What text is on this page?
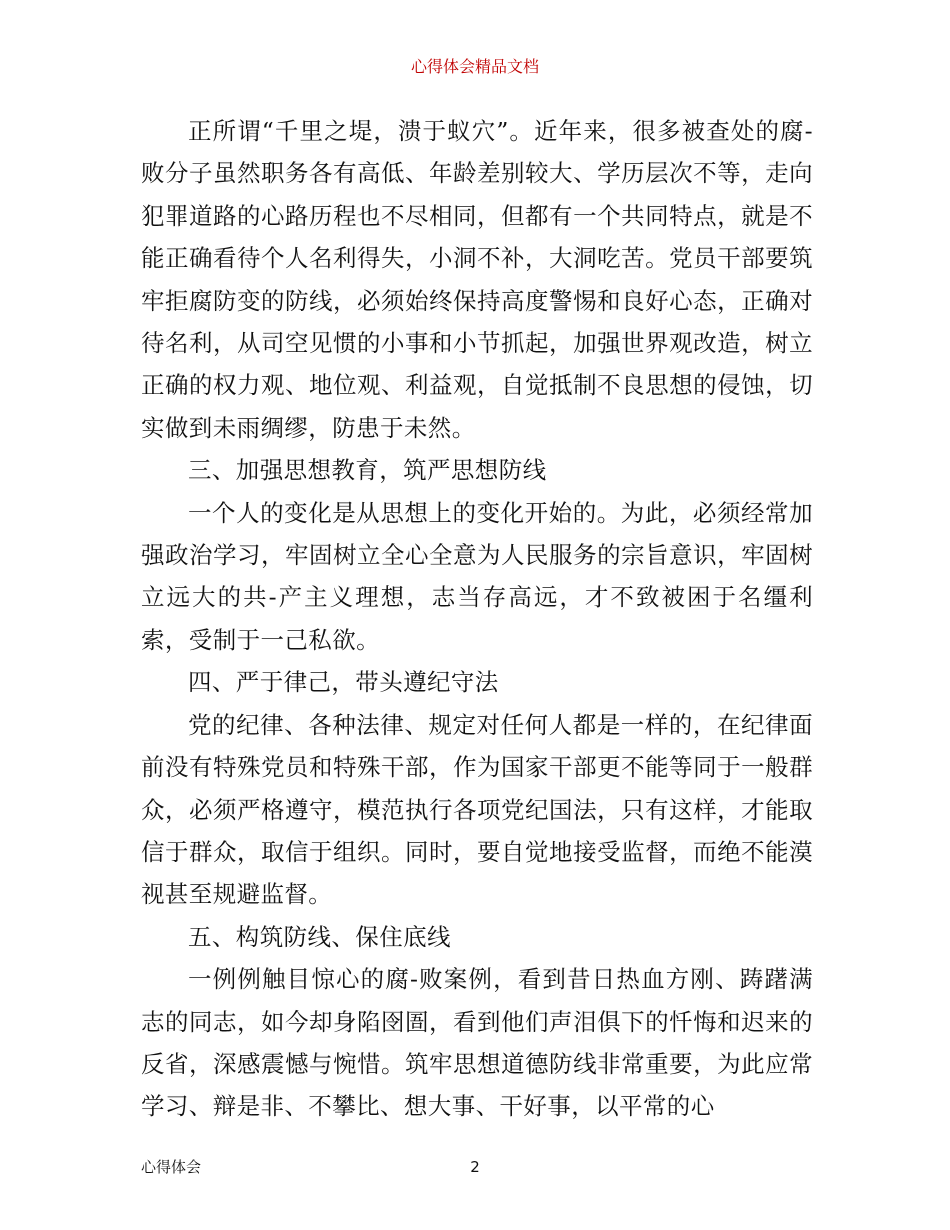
心得体会精品文档

正所谓“千里之堤，溃于蚁穴”。近年来，很多被查处的腐-败分子虽然职务各有高低、年龄差别较大、学历层次不等，走向犯罪道路的心路历程也不尽相同，但都有一个共同特点，就是不能正确看待个人名利得失，小洞不补，大洞吃苦。党员干部要筑牢拒腐防变的防线，必须始终保持高度警惕和良好心态，正确对待名利，从司空见惯的小事和小节抓起，加强世界观改造，树立正确的权力观、地位观、利益观，自觉抵制不良思想的侵蚀，切实做到未雨绸缪，防患于未然。

三、加强思想教育，筑严思想防线

一个人的变化是从思想上的变化开始的。为此，必须经常加强政治学习，牢固树立全心全意为人民服务的宗旨意识，牢固树立远大的共-产主义理想，志当存高远，才不致被困于名缰利索，受制于一己私欲。

四、严于律己，带头遵纪守法

党的纪律、各种法律、规定对任何人都是一样的，在纪律面前没有特殊党员和特殊干部，作为国家干部更不能等同于一般群众，必须严格遵守，模范执行各项党纪国法，只有这样，才能取信于群众，取信于组织。同时，要自觉地接受监督，而绝不能漠视甚至规避监督。

五、构筑防线、保住底线

一例例触目惊心的腐-败案例，看到昔日热血方刚、踌躇满志的同志，如今却身陷囹圄，看到他们声泪俱下的忏悔和迟来的反省，深感震憾与惋惜。筑牢思想道德防线非常重要，为此应常学习、辩是非、不攀比、想大事、干好事，以平常的心

心得体会	2
